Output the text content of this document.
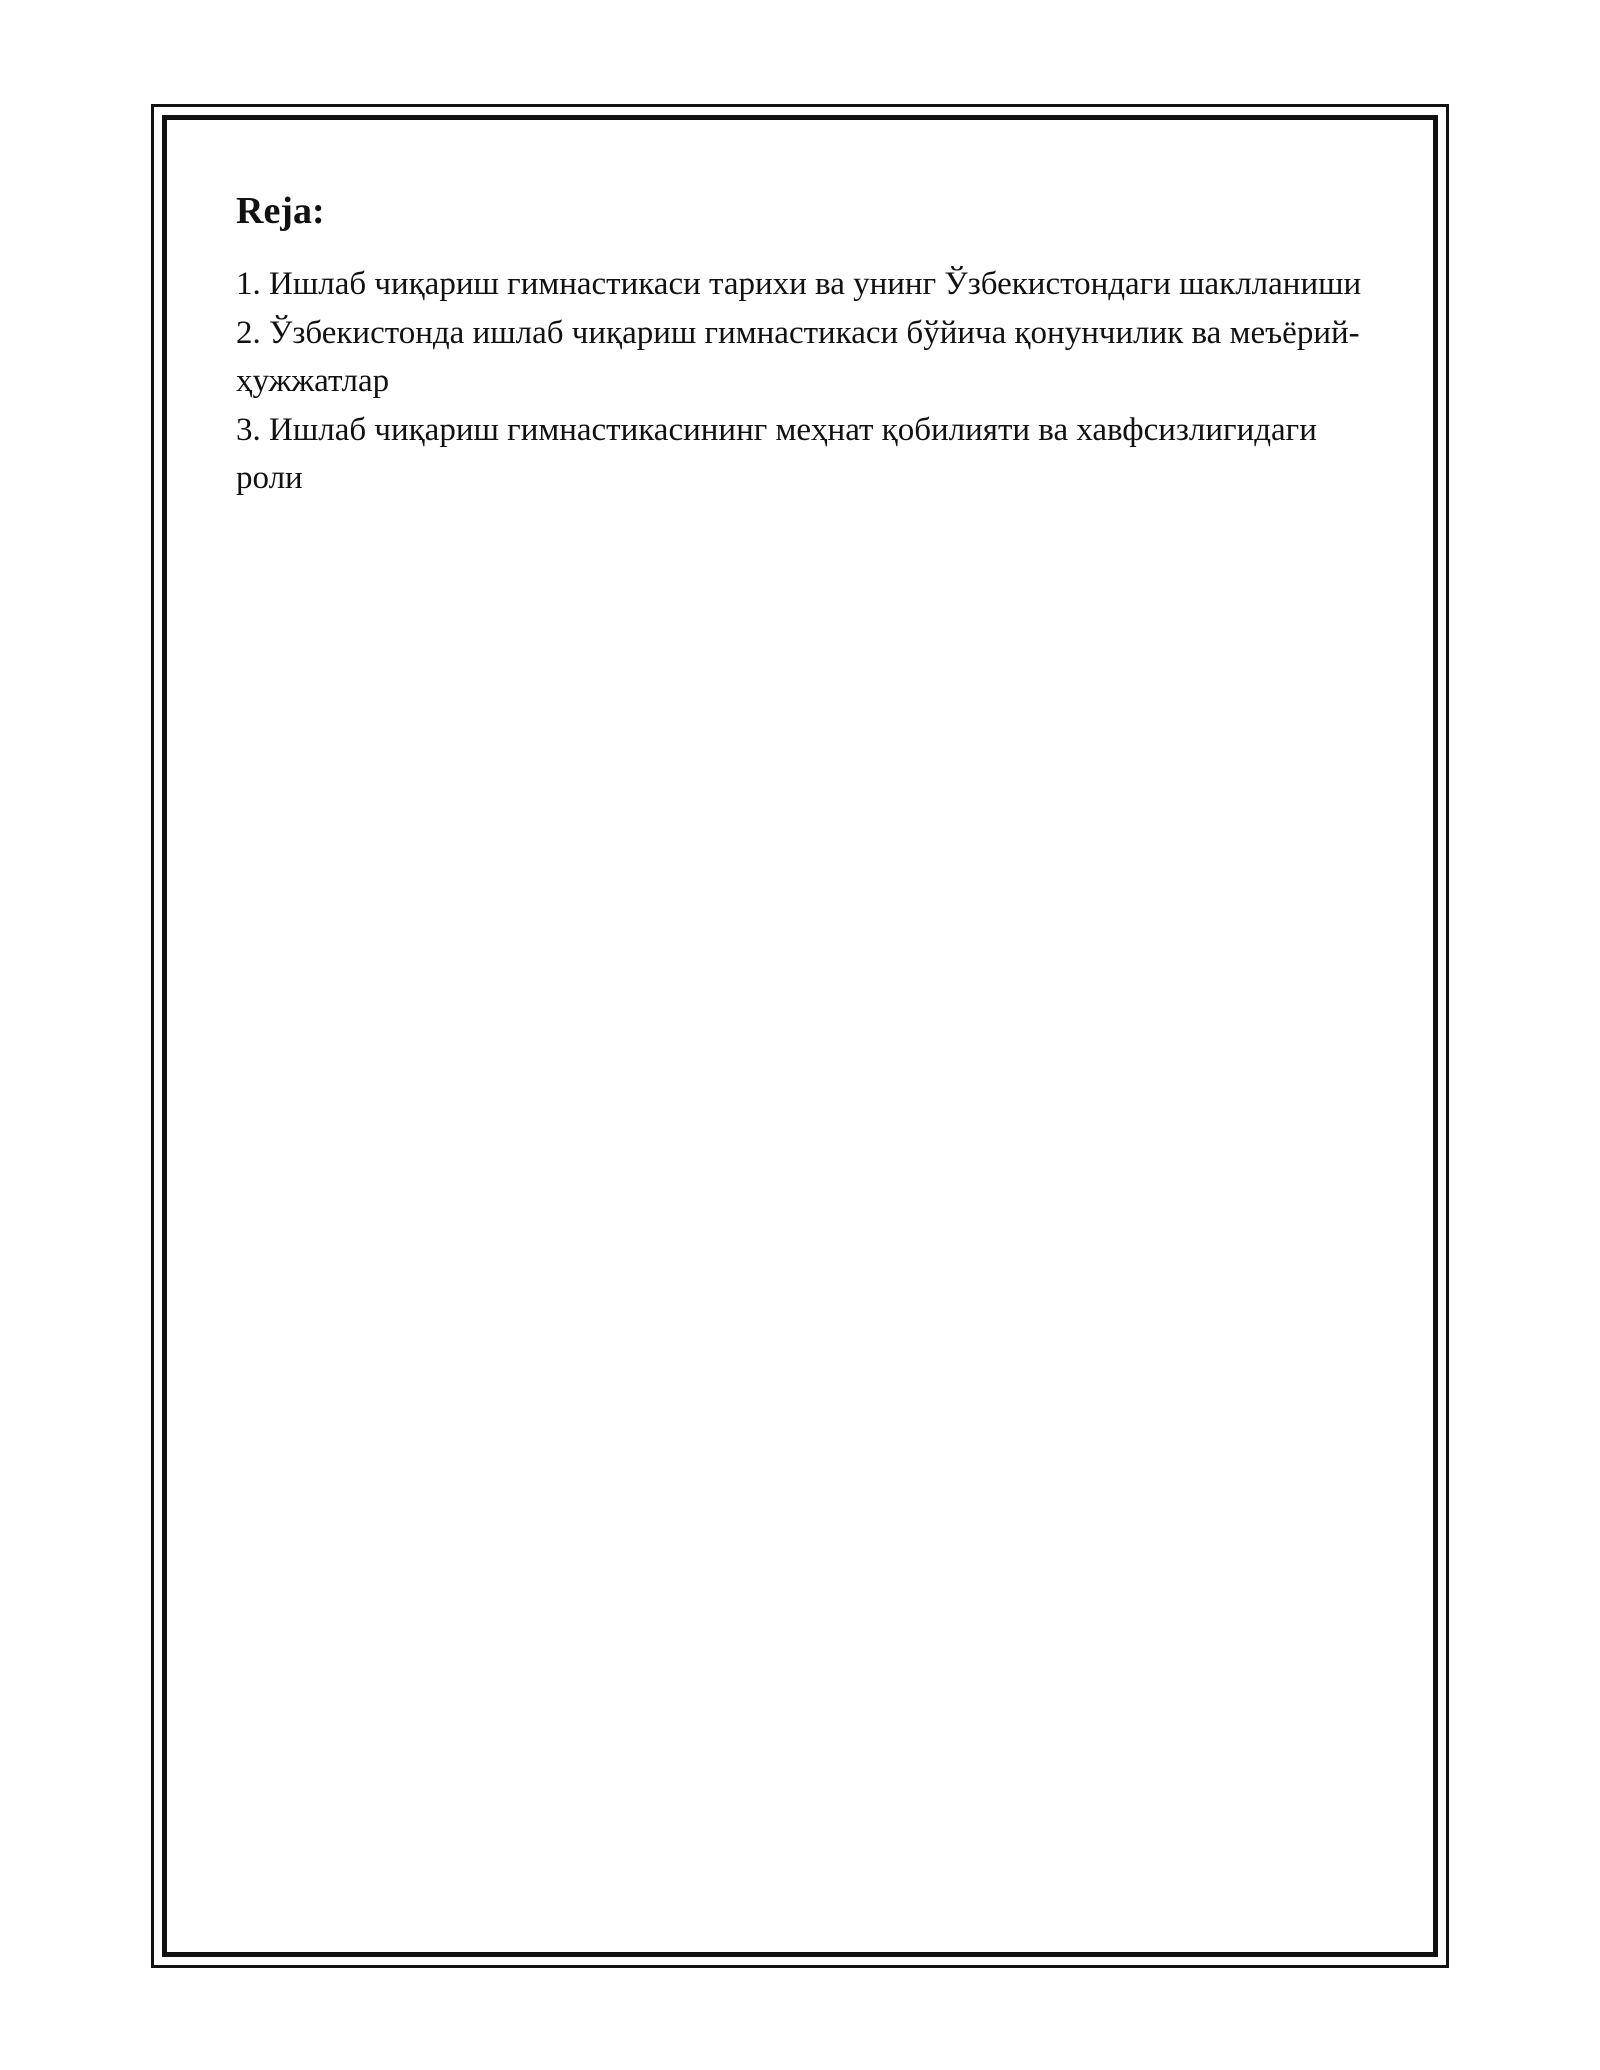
Reja:

1. Ишлаб чиқариш гимнастикаси тарихи ва унинг Ўзбекистондаги шаклланиши

2. Ўзбекистонда ишлаб чиқариш гимнастикаси бўйича қонунчилик ва меъёрий-ҳужжатлар

3. Ишлаб чиқариш гимнастикасининг меҳнат қобилияти ва хавфсизлигидаги роли
